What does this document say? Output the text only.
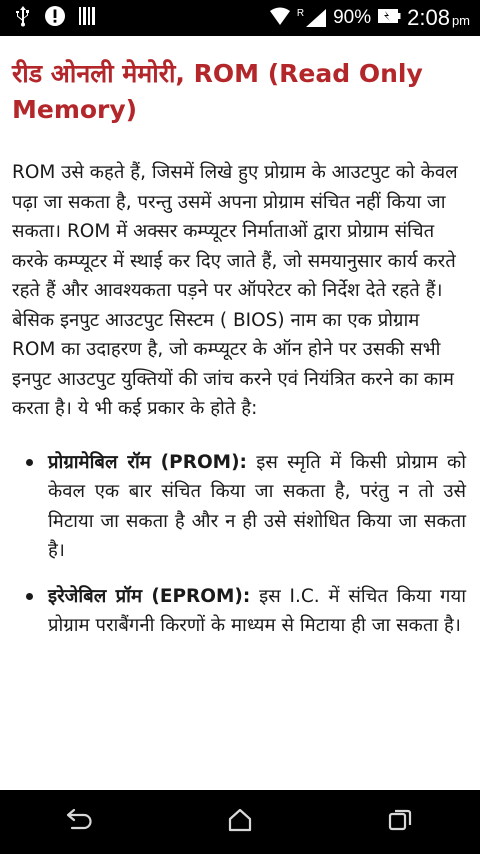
R 90% 2:08 pm
रीड ओनली मेमोरी, ROM (Read Only Memory)

ROM उसे कहते हैं, जिसमें लिखे हुए प्रोग्राम के आउटपुट को केवल पढ़ा जा सकता है, परन्तु उसमें अपना प्रोग्राम संचित नहीं किया जा सकता। ROM में अक्सर कम्प्यूटर निर्माताओं द्वारा प्रोग्राम संचित करके कम्प्यूटर में स्थाई कर दिए जाते हैं, जो समयानुसार कार्य करते रहते हैं और आवश्यकता पड़ने पर ऑपरेटर को निर्देश देते रहते हैं। बेसिक इनपुट आउटपुट सिस्टम ( BIOS) नाम का एक प्रोग्राम ROM का उदाहरण है, जो कम्प्यूटर के ऑन होने पर उसकी सभी इनपुट आउटपुट युक्तियों की जांच करने एवं नियंत्रित करने का काम करता है। ये भी कई प्रकार के होते है:

प्रोग्रामेबिल रॉम (PROM): इस स्मृति में किसी प्रोग्राम को केवल एक बार संचित किया जा सकता है, परंतु न तो उसे मिटाया जा सकता है और न ही उसे संशोधित किया जा सकता है।
इरेजेबिल प्रॉम (EPROM): इस I.C. में संचित किया गया प्रोग्राम पराबैंगनी किरणों के माध्यम से मिटाया ही जा सकता है।
